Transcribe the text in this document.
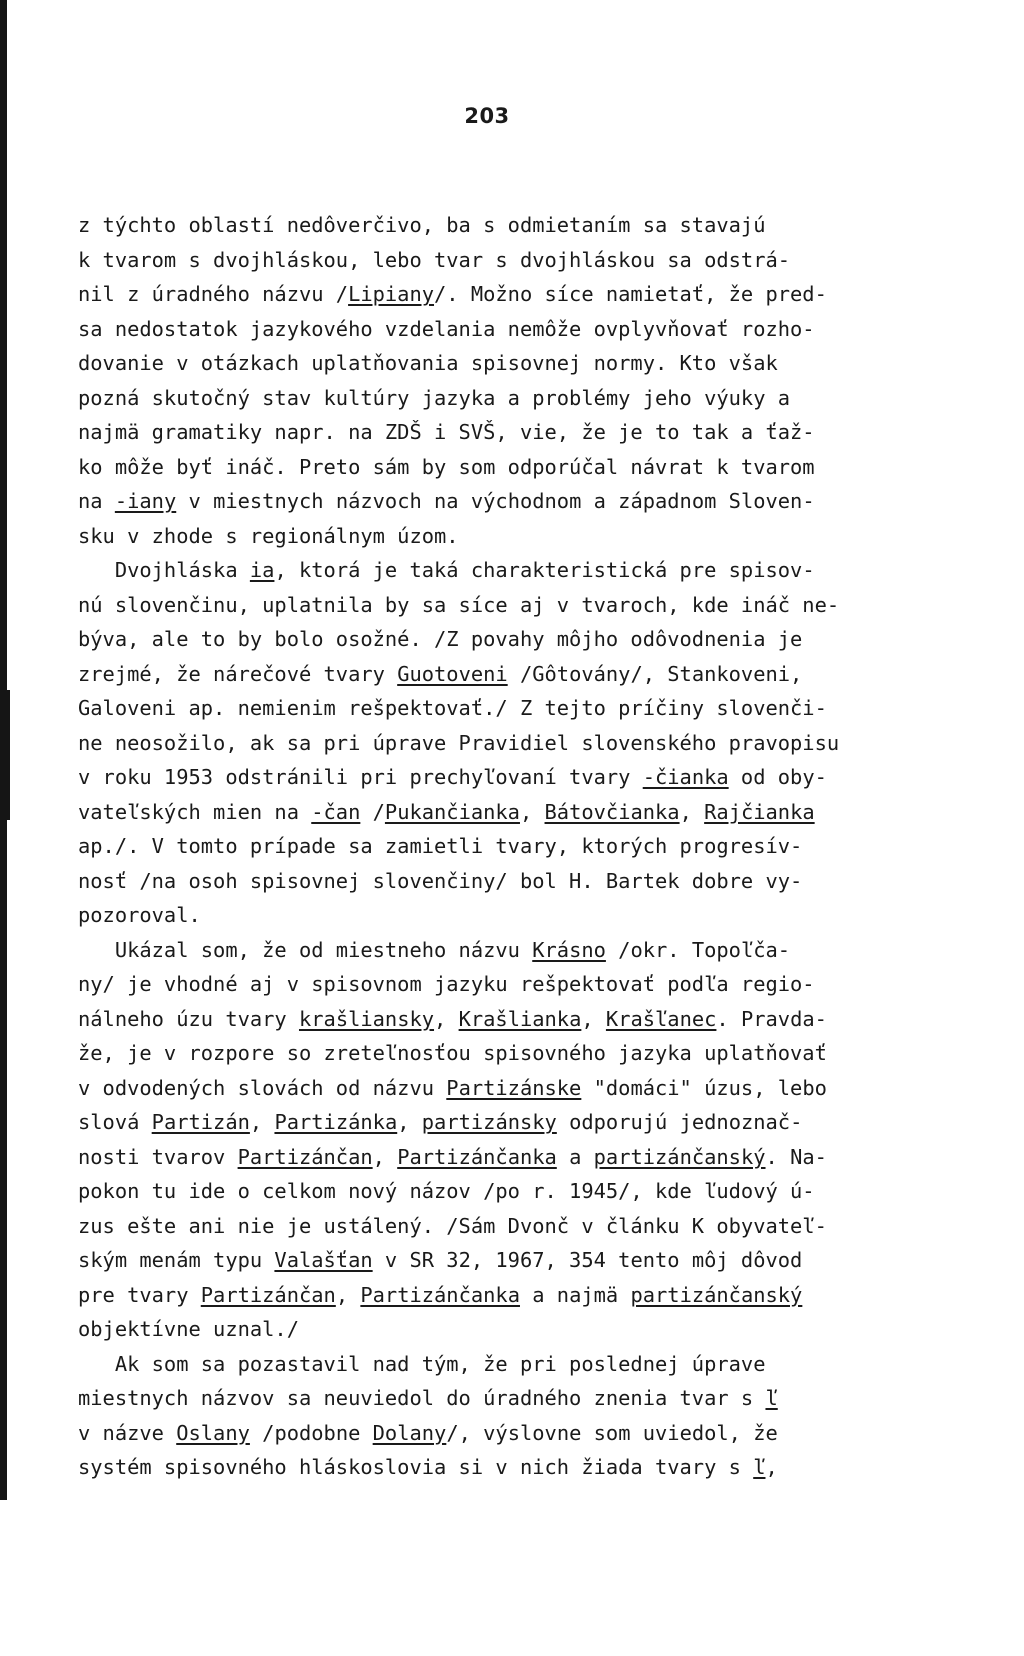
203
z týchto oblastí nedôverčivo, ba s odmietaním sa stavajú
k tvarom s dvojhláskou, lebo tvar s dvojhláskou sa odstrá-
nil z úradného názvu /Lipiany/. Možno síce namietať, že pred-
sa nedostatok jazykového vzdelania nemôže ovplyvňovať rozho-
dovanie v otázkach uplatňovania spisovnej normy. Kto však
pozná skutočný stav kultúry jazyka a problémy jeho výuky a
najmä gramatiky napr. na ZDŠ i SVŠ, vie, že je to tak a ťaž-
ko môže byť ináč. Preto sám by som odporúčal návrat k tvarom
na -iany v miestnych názvoch na východnom a západnom Sloven-
sku v zhode s regionálnym úzom.
Dvojhláska ia, ktorá je taká charakteristická pre spisov-
nú slovenčinu, uplatnila by sa síce aj v tvaroch, kde ináč ne-
býva, ale to by bolo osožné. /Z povahy môjho odôvodnenia je
zrejmé, že nárečové tvary Guotoveni /Gôtovány/, Stankoveni,
Galoveni ap. nemienim rešpektovať./ Z tejto príčiny slovenči-
ne neosožilo, ak sa pri úprave Pravidiel slovenského pravopisu
v roku 1953 odstránili pri prechyľovaní tvary -čianka od oby-
vateľských mien na -čan /Pukančianka, Bátovčianka, Rajčianka
ap./. V tomto prípade sa zamietli tvary, ktorých progresív-
nosť /na osoh spisovnej slovenčiny/ bol H. Bartek dobre vy-
pozoroval.
Ukázal som, že od miestneho názvu Krásno /okr. Topoľča-
ny/ je vhodné aj v spisovnom jazyku rešpektovať podľa regio-
nálneho úzu tvary krašliansky, Krašlianka, Krašľanec. Pravda-
že, je v rozpore so zreteľnosťou spisovného jazyka uplatňovať
v odvodených slovách od názvu Partizánske "domáci" úzus, lebo
slová Partizán, Partizánka, partizánsky odporujú jednoznač-
nosti tvarov Partizánčan, Partizánčanka a partizánčanský. Na-
pokon tu ide o celkom nový názov /po r. 1945/, kde ľudový ú-
zus ešte ani nie je ustálený. /Sám Dvonč v článku K obyvateľ-
ským menám typu Valašťan v SR 32, 1967, 354 tento môj dôvod
pre tvary Partizánčan, Partizánčanka a najmä partizánčanský
objektívne uznal./
Ak som sa pozastavil nad tým, že pri poslednej úprave
miestnych názvov sa neuviedol do úradného znenia tvar s ľ
v názve Oslany /podobne Dolany/, výslovne som uviedol, že
systém spisovného hláskoslovia si v nich žiada tvary s ľ,
